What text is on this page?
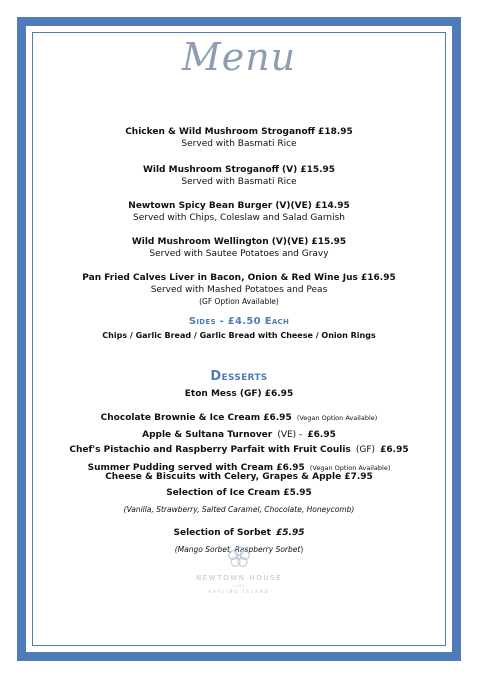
Menu
Chicken & Wild Mushroom Stroganoff £18.95
Served with Basmati Rice
Wild Mushroom Stroganoff (V) £15.95
Served with Basmati Rice
Newtown Spicy Bean Burger (V)(VE) £14.95
Served with Chips, Coleslaw and Salad Garnish
Wild Mushroom Wellington (V)(VE) £15.95
Served with Sautee Potatoes and Gravy
Pan Fried Calves Liver in Bacon, Onion & Red Wine Jus £16.95
Served with Mashed Potatoes and Peas
(GF Option Available)
Sides - £4.50 Each
Chips / Garlic Bread / Garlic Bread with Cheese / Onion Rings
Desserts
Eton Mess (GF) £6.95
Chocolate Brownie & Ice Cream £6.95 (Vegan Option Available)
Apple & Sultana Turnover (VE) - £6.95
Chef's Pistachio and Raspberry Parfait with Fruit Coulis (GF) £6.95
Summer Pudding served with Cream £6.95 (Vegan Option Available)
Cheese & Biscuits with Celery, Grapes & Apple £7.95
Selection of Ice Cream £5.95
(Vanilla, Strawberry, Salted Caramel, Chocolate, Honeycomb)
Selection of Sorbet £5.95
(Mango Sorbet, Raspberry Sorbet)
NEWTOWN HOUSE
1783
HAYLING ISLAND
